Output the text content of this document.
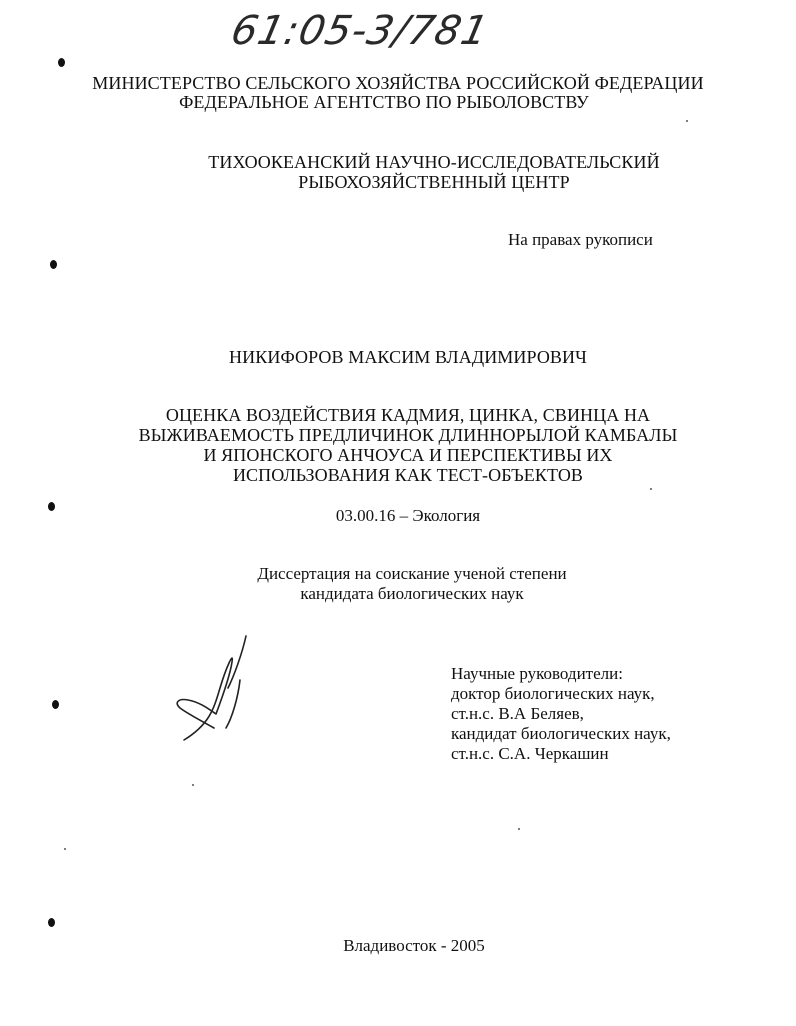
61:05-3/781
МИНИСТЕРСТВО СЕЛЬСКОГО ХОЗЯЙСТВА РОССИЙСКОЙ ФЕДЕРАЦИИ
ФЕДЕРАЛЬНОЕ АГЕНТСТВО ПО РЫБОЛОВСТВУ
ТИХООКЕАНСКИЙ НАУЧНО-ИССЛЕДОВАТЕЛЬСКИЙ
РЫБОХОЗЯЙСТВЕННЫЙ ЦЕНТР
На правах рукописи
НИКИФОРОВ МАКСИМ ВЛАДИМИРОВИЧ
ОЦЕНКА ВОЗДЕЙСТВИЯ КАДМИЯ, ЦИНКА, СВИНЦА НА
ВЫЖИВАЕМОСТЬ ПРЕДЛИЧИНОК ДЛИННОРЫЛОЙ КАМБАЛЫ
И ЯПОНСКОГО АНЧОУСА И ПЕРСПЕКТИВЫ ИХ
ИСПОЛЬЗОВАНИЯ КАК ТЕСТ-ОБЪЕКТОВ
03.00.16 – Экология
Диссертация на соискание ученой степени
кандидата биологических наук
Научные руководители:
доктор биологических наук,
ст.н.с. В.А Беляев,
кандидат биологических наук,
ст.н.с. С.А. Черкашин
Владивосток - 2005
